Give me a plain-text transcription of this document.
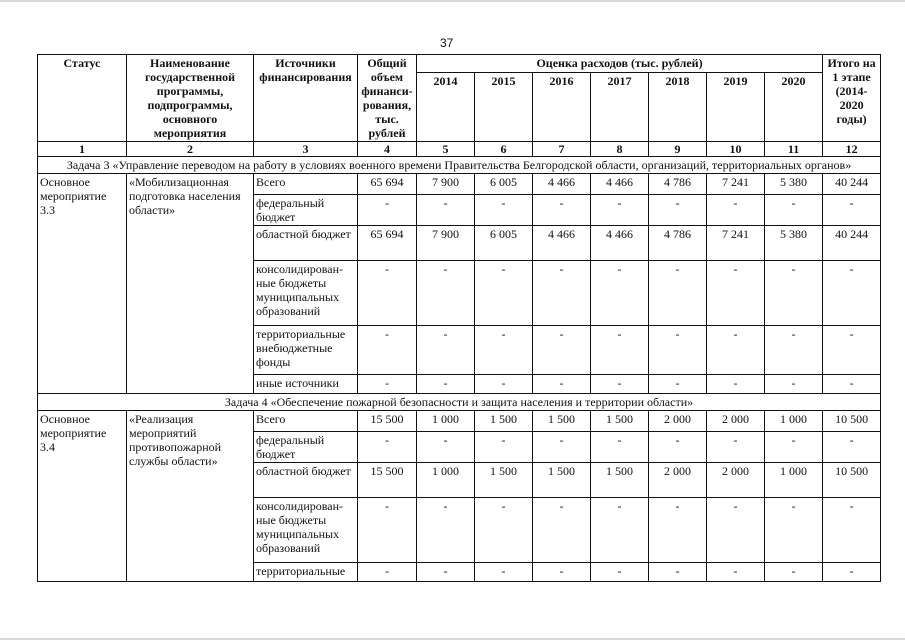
37
Статус	Наименование государственной программы, подпрограммы, основного мероприятия	Источники финансирования	Общий объем финанси-рования, тыс. рублей	Оценка расходов (тыс. рублей)							Итого на 1 этапе (2014-2020 годы)
				2014	2015	2016	2017	2018	2019	2020	
1	2	3	4	5	6	7	8	9	10	11	12
Задача 3 «Управление переводом на работу в условиях военного времени Правительства Белгородской области, организаций, территориальных органов»											
Основное мероприятие 3.3	«Мобилизационная подготовка населения области»	Всего	65 694	7 900	6 005	4 466	4 466	4 786	7 241	5 380	40 244
		федеральный бюджет	-	-	-	-	-	-	-	-	-
		областной бюджет	65 694	7 900	6 005	4 466	4 466	4 786	7 241	5 380	40 244
		консолидирован-ные бюджеты муниципальных образований	-	-	-	-	-	-	-	-	-
		территориальные внебюджетные фонды	-	-	-	-	-	-	-	-	-
		иные источники	-	-	-	-	-	-	-	-	-
Задача 4 «Обеспечение пожарной безопасности и защита населения и территории области»											
Основное мероприятие 3.4	«Реализация мероприятий противопожарной службы области»	Всего	15 500	1 000	1 500	1 500	1 500	2 000	2 000	1 000	10 500
		федеральный бюджет	-	-	-	-	-	-	-	-	-
		областной бюджет	15 500	1 000	1 500	1 500	1 500	2 000	2 000	1 000	10 500
		консолидирован-ные бюджеты муниципальных образований	-	-	-	-	-	-	-	-	-
		территориальные	-	-	-	-	-	-	-	-	-
